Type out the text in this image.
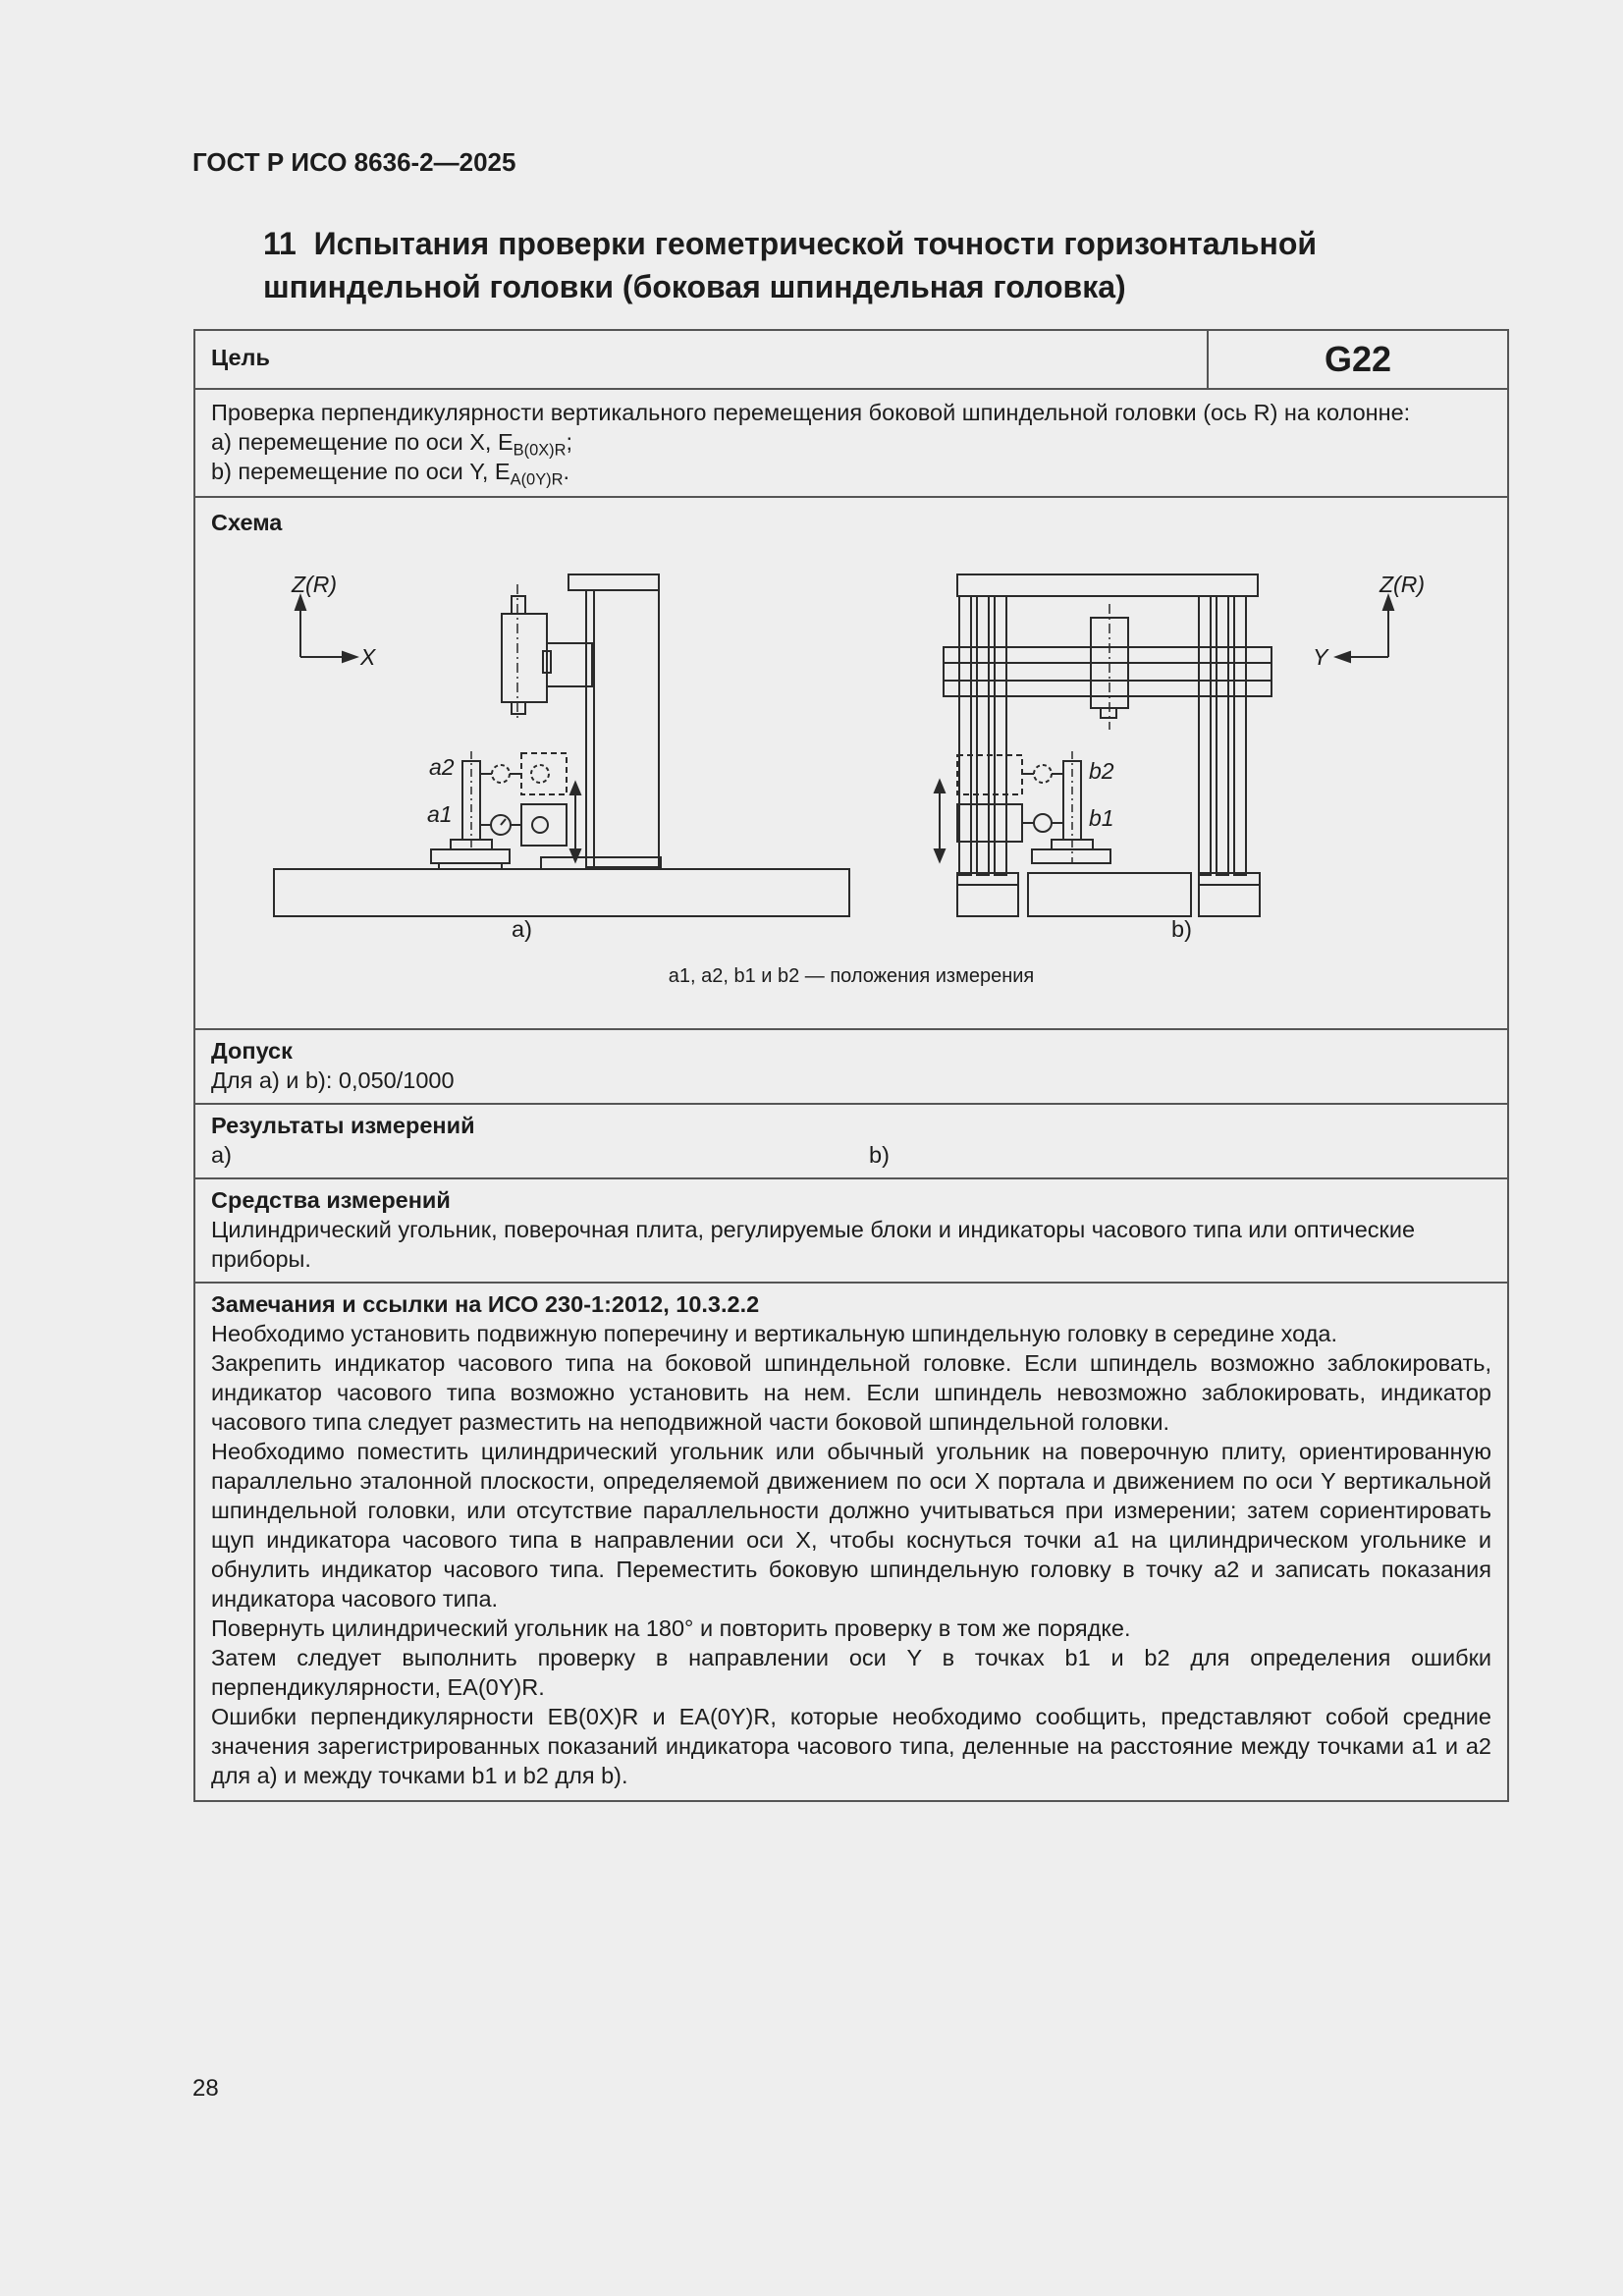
ГОСТ Р ИСО 8636-2—2025
11 Испытания проверки геометрической точности горизонтальной шпиндельной головки (боковая шпиндельная головка)
Цель	G22
Проверка перпендикулярности вертикального перемещения боковой шпиндельной головки (ось R) на колонне:
a) перемещение по оси X, $E_{B(0X)R}$;
b) перемещение по оси Y, $E_{A(0Y)R}$.
Схема
Z(R)
X
Z(R)
Y
a2
a1
b2
b1
a)	b)
a1, a2, b1 и b2 — положения измерения
Допуск
Для a) и b): 0,050/1000
Результаты измерений
a)	b)
Средства измерений
Цилиндрический угольник, поверочная плита, регулируемые блоки и индикаторы часового типа или оптические приборы.
Замечания и ссылки на ИСО 230-1:2012, 10.3.2.2

Необходимо установить подвижную поперечину и вертикальную шпиндельную головку в середине хода.

Закрепить индикатор часового типа на боковой шпиндельной головке. Если шпиндель возможно заблокировать, индикатор часового типа возможно установить на нем. Если шпиндель невозможно заблокировать, индикатор часового типа следует разместить на неподвижной части боковой шпиндельной головки.

Необходимо поместить цилиндрический угольник или обычный угольник на поверочную плиту, ориентированную параллельно эталонной плоскости, определяемой движением по оси X портала и движением по оси Y вертикальной шпиндельной головки, или отсутствие параллельности должно учитываться при измерении; затем сориентировать щуп индикатора часового типа в направлении оси X, чтобы коснуться точки a1 на цилиндрическом угольнике и обнулить индикатор часового типа. Переместить боковую шпиндельную головку в точку a2 и записать показания индикатора часового типа.

Повернуть цилиндрический угольник на 180° и повторить проверку в том же порядке.

Затем следует выполнить проверку в направлении оси Y в точках b1 и b2 для определения ошибки перпендикулярности, EA(0Y)R.

Ошибки перпендикулярности EB(0X)R и EA(0Y)R, которые необходимо сообщить, представляют собой средние значения зарегистрированных показаний индикатора часового типа, деленные на расстояние между точками a1 и a2 для a) и между точками b1 и b2 для b).

28
